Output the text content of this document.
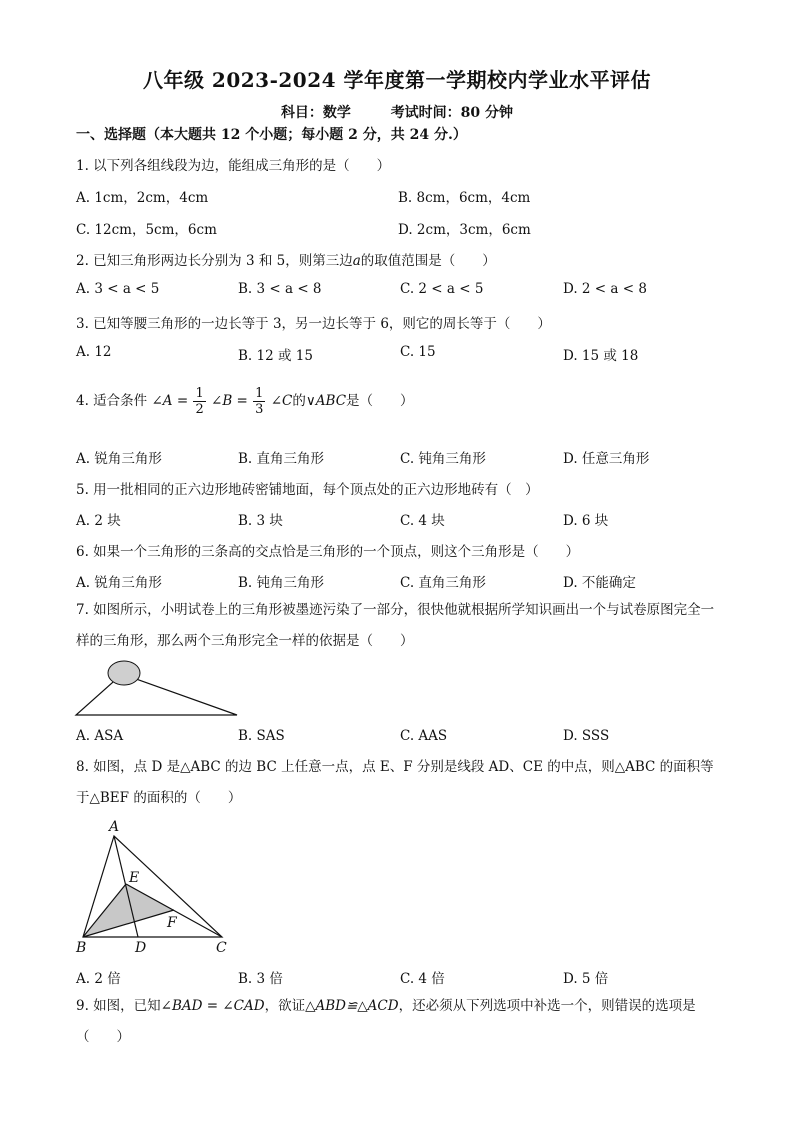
八年级 2023-2024 学年度第一学期校内学业水平评估
科目：数学	考试时间：80 分钟
一、选择题（本大题共 12 个小题；每小题 2 分，共 24 分.）
1. 以下列各组线段为边，能组成三角形的是（　　）
A. 1cm，2cm，4cm	B. 8cm，6cm，4cm
C. 12cm，5cm，6cm	D. 2cm，3cm，6cm
2. 已知三角形两边长分别为 3 和 5，则第三边a的取值范围是（　　）
A. 3 < a < 5	B. 3 < a < 8	C. 2 < a < 5	D. 2 < a < 8
3. 已知等腰三角形的一边长等于 3，另一边长等于 6，则它的周长等于（　　）
A. 12	B. 12 或 15	C. 15	D. 15 或 18
4. 适合条件 ∠A = $\frac{1}{2}$ ∠B = $\frac{1}{3}$ ∠C的∨ABC是（　　）
A. 锐角三角形	B. 直角三角形	C. 钝角三角形	D. 任意三角形
5. 用一批相同的正六边形地砖密铺地面，每个顶点处的正六边形地砖有（　）
A. 2 块	B. 3 块	C. 4 块	D. 6 块
6. 如果一个三角形的三条高的交点恰是三角形的一个顶点，则这个三角形是（　　）
A. 锐角三角形	B. 钝角三角形	C. 直角三角形	D. 不能确定
7. 如图所示，小明试卷上的三角形被墨迹污染了一部分，很快他就根据所学知识画出一个与试卷原图完全一样的三角形，那么两个三角形完全一样的依据是（　　）
A. ASA	B. SAS	C. AAS	D. SSS
8. 如图，点 D 是△ABC 的边 BC 上任意一点，点 E、F 分别是线段 AD、CE 的中点，则△ABC 的面积等于△BEF 的面积的（　　）
A
E
F
B	D	C
A. 2 倍	B. 3 倍	C. 4 倍	D. 5 倍
9. 如图，已知∠BAD = ∠CAD，欲证△ABD≌△ACD，还必须从下列选项中补选一个，则错误的选项是（　　）
